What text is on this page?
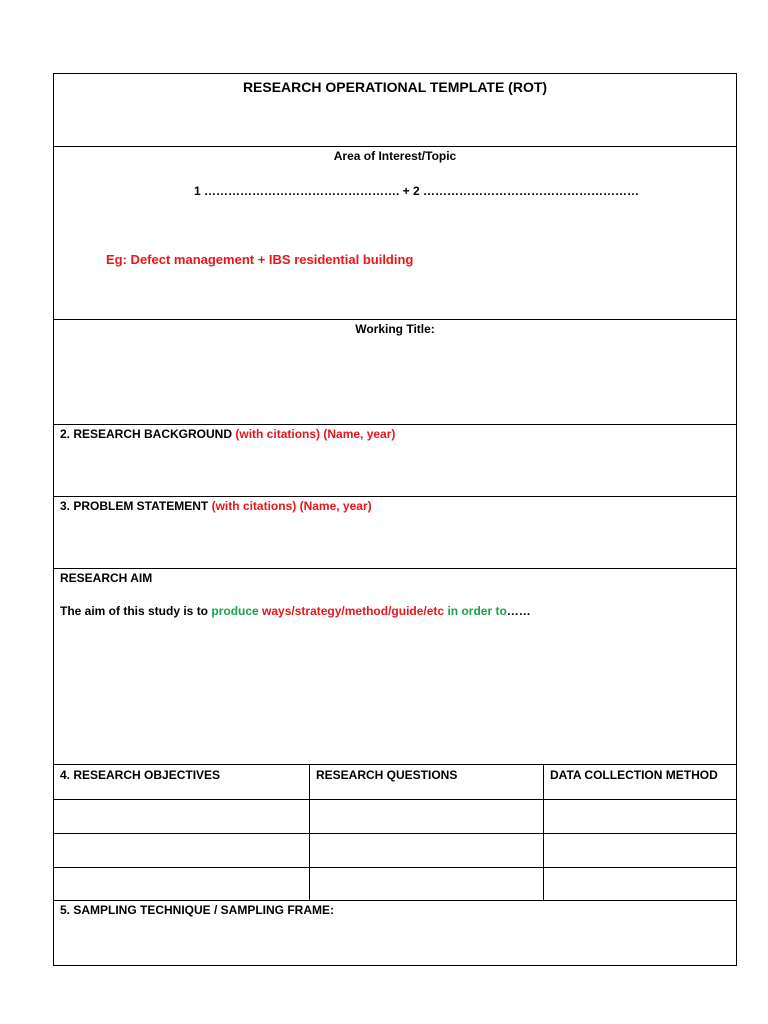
RESEARCH OPERATIONAL TEMPLATE (ROT)
Area of Interest/Topic
1 …………………………………………. + 2 ………………………………………………
Eg: Defect management + IBS residential building
Working Title:
2. RESEARCH BACKGROUND (with citations) (Name, year)
3. PROBLEM STATEMENT (with citations) (Name, year)
RESEARCH AIM
The aim of this study is to produce ways/strategy/method/guide/etc in order to……
4. RESEARCH OBJECTIVES	RESEARCH QUESTIONS	DATA COLLECTION METHOD
5. SAMPLING TECHNIQUE / SAMPLING FRAME:
